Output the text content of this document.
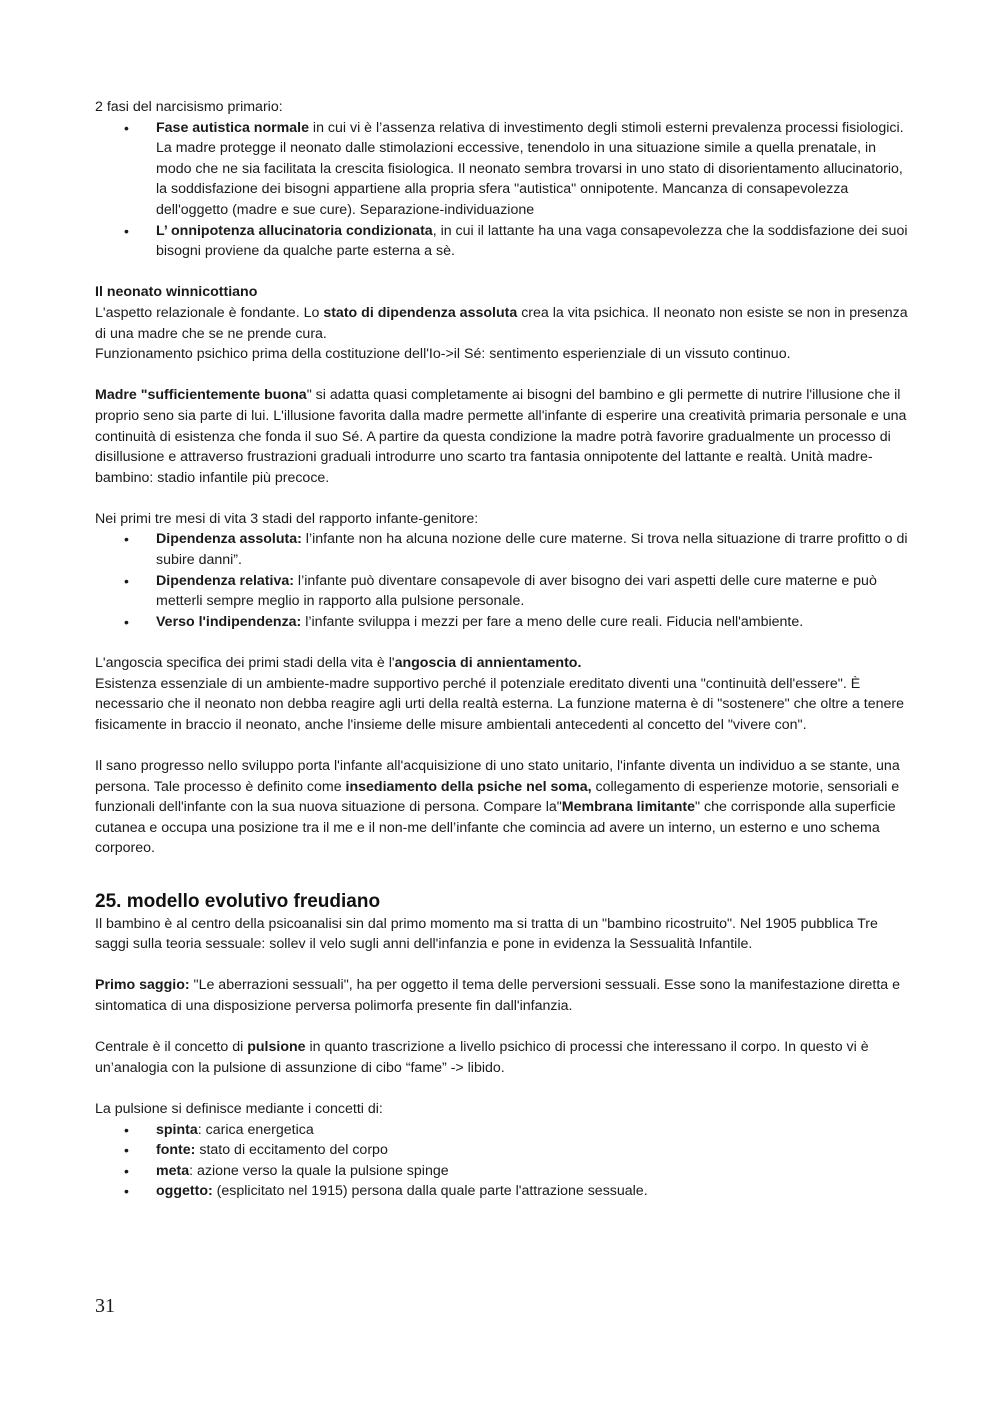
2 fasi del narcisismo primario:

• Fase autistica normale in cui vi è l’assenza relativa di investimento degli stimoli esterni prevalenza processi fisiologici. La madre protegge il neonato dalle stimolazioni eccessive, tenendolo in una situazione simile a quella prenatale, in modo che ne sia facilitata la crescita fisiologica. Il neonato sembra trovarsi in uno stato di disorientamento allucinatorio, la soddisfazione dei bisogni appartiene alla propria sfera "autistica" onnipotente. Mancanza di consapevolezza dell'oggetto (madre e sue cure). Separazione-individuazione
• L’ onnipotenza allucinatoria condizionata, in cui il lattante ha una vaga consapevolezza che la soddisfazione dei suoi bisogni proviene da qualche parte esterna a sè.

Il neonato winnicottiano

L'aspetto relazionale è fondante. Lo stato di dipendenza assoluta crea la vita psichica. Il neonato non esiste se non in presenza di una madre che se ne prende cura.

Funzionamento psichico prima della costituzione dell'Io->il Sé: sentimento esperienziale di un vissuto continuo.

Madre "sufficientemente buona" si adatta quasi completamente ai bisogni del bambino e gli permette di nutrire l'illusione che il proprio seno sia parte di lui. L'illusione favorita dalla madre permette all'infante di esperire una creatività primaria personale e una continuità di esistenza che fonda il suo Sé. A partire da questa condizione la madre potrà favorire gradualmente un processo di disillusione e attraverso frustrazioni graduali introdurre uno scarto tra fantasia onnipotente del lattante e realtà. Unità madre-bambino: stadio infantile più precoce.

Nei primi tre mesi di vita 3 stadi del rapporto infante-genitore:

• Dipendenza assoluta: l’infante non ha alcuna nozione delle cure materne. Si trova nella situazione di trarre profitto o di subire danni”.
• Dipendenza relativa: l’infante può diventare consapevole di aver bisogno dei vari aspetti delle cure materne e può metterli sempre meglio in rapporto alla pulsione personale.
• Verso l'indipendenza: l’infante sviluppa i mezzi per fare a meno delle cure reali. Fiducia nell'ambiente.

L'angoscia specifica dei primi stadi della vita è l'angoscia di annientamento.

Esistenza essenziale di un ambiente-madre supportivo perché il potenziale ereditato diventi una "continuità dell'essere". È necessario che il neonato non debba reagire agli urti della realtà esterna. La funzione materna è di "sostenere" che oltre a tenere fisicamente in braccio il neonato, anche l'insieme delle misure ambientali antecedenti al concetto del "vivere con".

Il sano progresso nello sviluppo porta l'infante all'acquisizione di uno stato unitario, l'infante diventa un individuo a se stante, una persona. Tale processo è definito come insediamento della psiche nel soma, collegamento di esperienze motorie, sensoriali e funzionali dell'infante con la sua nuova situazione di persona. Compare la"Membrana limitante" che corrisponde alla superficie cutanea e occupa una posizione tra il me e il non-me dell’infante che comincia ad avere un interno, un esterno e uno schema corporeo.

25. modello evolutivo freudiano

Il bambino è al centro della psicoanalisi sin dal primo momento ma si tratta di un "bambino ricostruito". Nel 1905 pubblica Tre saggi sulla teoria sessuale: sollev il velo sugli anni dell'infanzia e pone in evidenza la Sessualità Infantile.

Primo saggio: "Le aberrazioni sessuali", ha per oggetto il tema delle perversioni sessuali. Esse sono la manifestazione diretta e sintomatica di una disposizione perversa polimorfa presente fin dall'infanzia.

Centrale è il concetto di pulsione in quanto trascrizione a livello psichico di processi che interessano il corpo. In questo vi è un’analogia con la pulsione di assunzione di cibo “fame” -> libido.

La pulsione si definisce mediante i concetti di:

• spinta: carica energetica
• fonte: stato di eccitamento del corpo
• meta: azione verso la quale la pulsione spinge
• oggetto: (esplicitato nel 1915) persona dalla quale parte l'attrazione sessuale.
31
